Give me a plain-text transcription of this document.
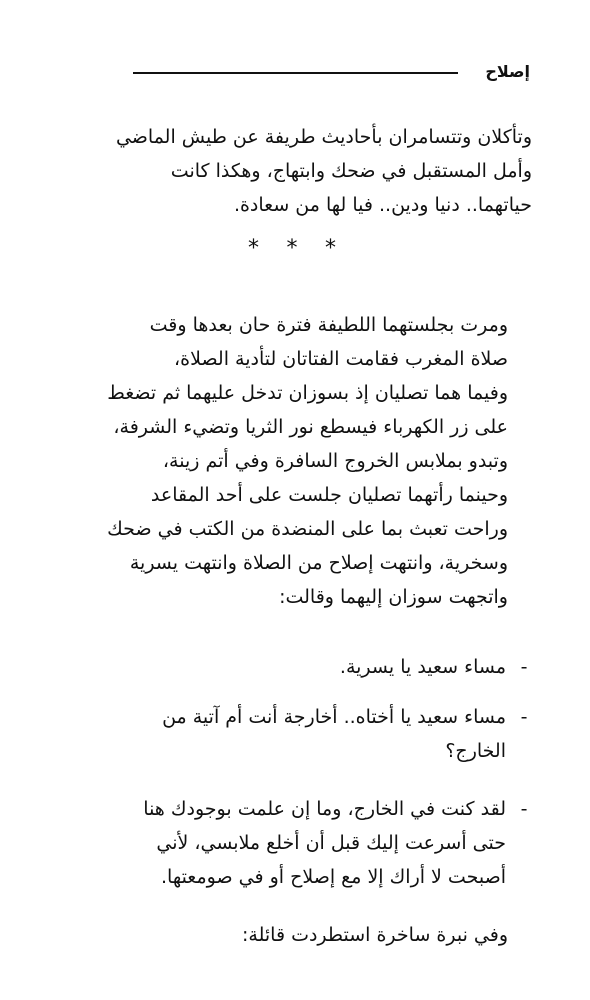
إصلاح
وتأكلان وتتسامران بأحاديث طريفة عن طيش الماضي
وأمل المستقبل في ضحك وابتهاج، وهكذا كانت
حياتهما.. دنيا ودين.. فيا لها من سعادة.
* * *
ومرت بجلستهما اللطيفة فترة حان بعدها وقت
صلاة المغرب فقامت الفتاتان لتأدية الصلاة،
وفيما هما تصليان إذ بسوزان تدخل عليهما ثم تضغط
على زر الكهرباء فيسطع نور الثريا وتضيء الشرفة،
وتبدو بملابس الخروج السافرة وفي أتم زينة،
وحينما رأتهما تصليان جلست على أحد المقاعد
وراحت تعبث بما على المنضدة من الكتب في ضحك
وسخرية، وانتهت إصلاح من الصلاة وانتهت يسرية
واتجهت سوزان إليهما وقالت:
-
مساء سعيد يا يسرية.
-
مساء سعيد يا أختاه.. أخارجة أنت أم آتية من
الخارج؟
-
لقد كنت في الخارج، وما إن علمت بوجودك هنا
حتى أسرعت إليك قبل أن أخلع ملابسي، لأني
أصبحت لا أراك إلا مع إصلاح أو في صومعتها.
وفي نبرة ساخرة استطردت قائلة:
